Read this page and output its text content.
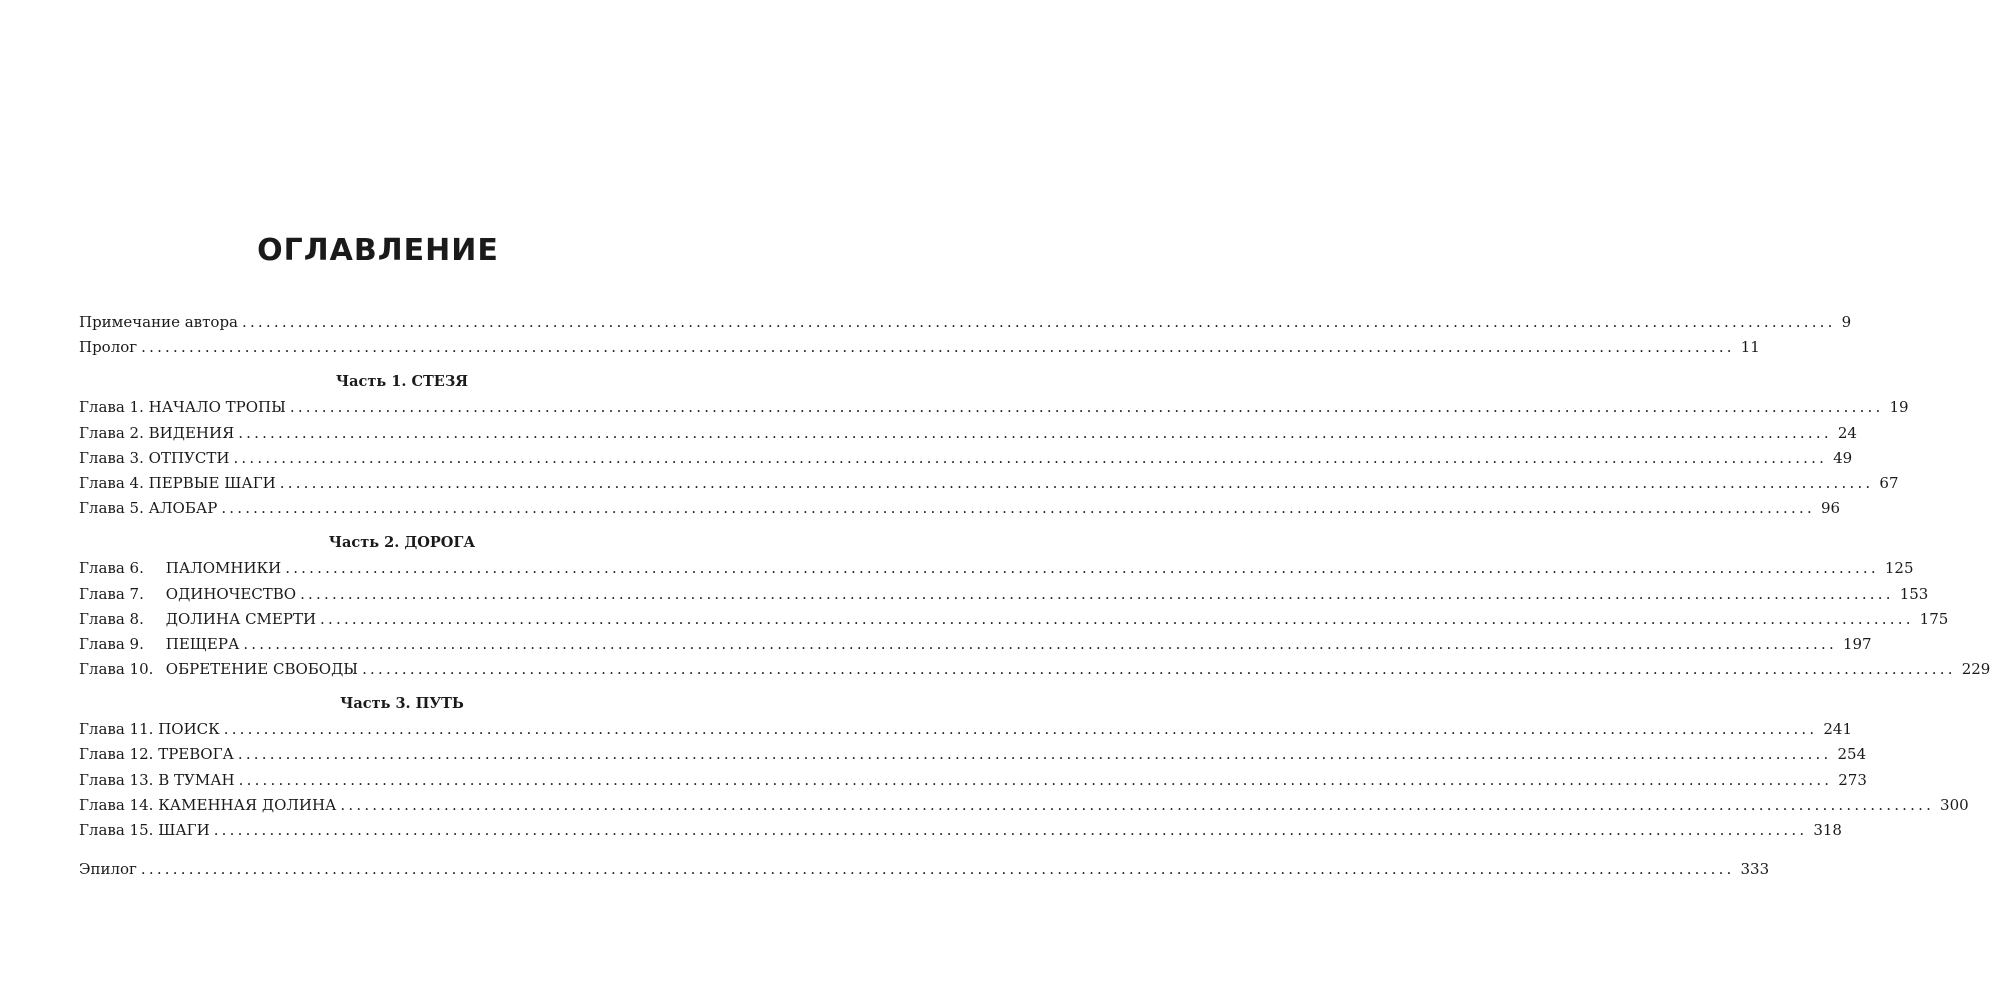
ОГЛАВЛЕНИЕ
Примечание автора ........................................................................................................................................................................................................ 9
Пролог ........................................................................................................................................................................................................ 11
Часть 1. СТЕЗЯ
Глава 1. НАЧАЛО ТРОПЫ ........................................................................................................................................................................................................ 19
Глава 2. ВИДЕНИЯ ........................................................................................................................................................................................................ 24
Глава 3. ОТПУСТИ ........................................................................................................................................................................................................ 49
Глава 4. ПЕРВЫЕ ШАГИ ........................................................................................................................................................................................................ 67
Глава 5. АЛОБАР ........................................................................................................................................................................................................ 96
Часть 2. ДОРОГА
Глава 6. ПАЛОМНИКИ ........................................................................................................................................................................................................ 125
Глава 7. ОДИНОЧЕСТВО ........................................................................................................................................................................................................ 153
Глава 8. ДОЛИНА СМЕРТИ ........................................................................................................................................................................................................ 175
Глава 9. ПЕЩЕРА ........................................................................................................................................................................................................ 197
Глава 10. ОБРЕТЕНИЕ СВОБОДЫ ........................................................................................................................................................................................................ 229
Часть 3. ПУТЬ
Глава 11. ПОИСК ........................................................................................................................................................................................................ 241
Глава 12. ТРЕВОГА ........................................................................................................................................................................................................ 254
Глава 13. В ТУМАН ........................................................................................................................................................................................................ 273
Глава 14. КАМЕННАЯ ДОЛИНА ........................................................................................................................................................................................................ 300
Глава 15. ШАГИ ........................................................................................................................................................................................................ 318
Эпилог ........................................................................................................................................................................................................ 333
